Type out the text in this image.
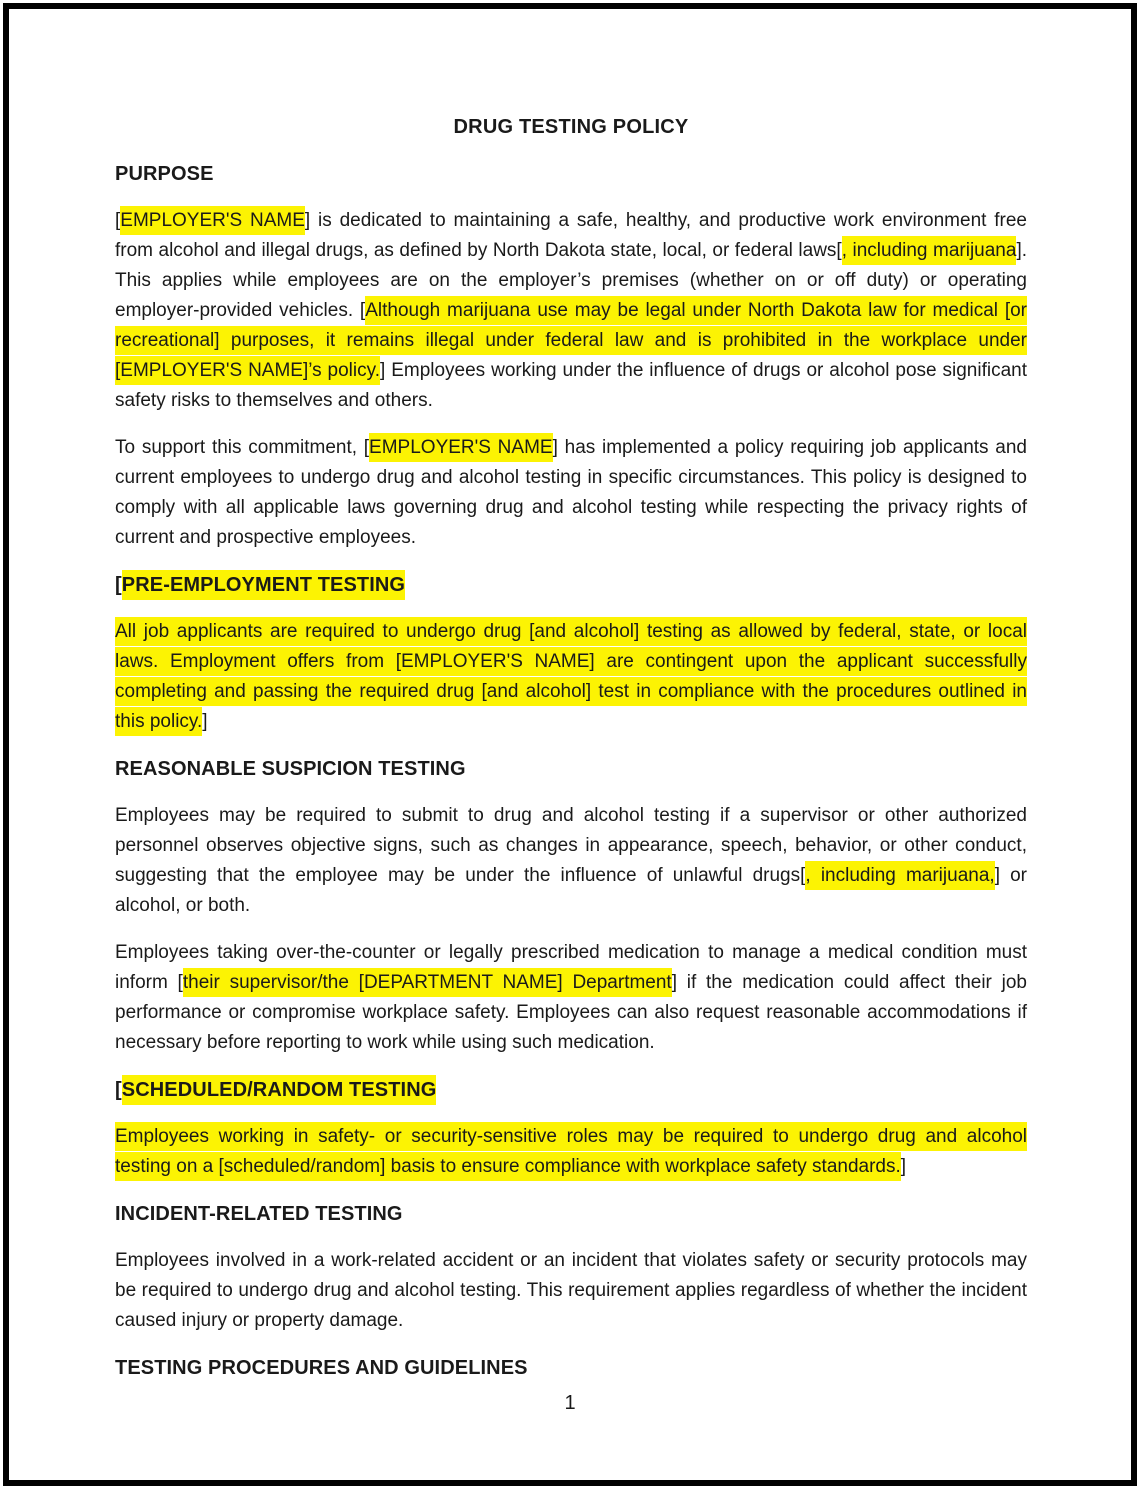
DRUG TESTING POLICY
PURPOSE

[EMPLOYER'S NAME] is dedicated to maintaining a safe, healthy, and productive work environment free from alcohol and illegal drugs, as defined by North Dakota state, local, or federal laws[, including marijuana]. This applies while employees are on the employer’s premises (whether on or off duty) or operating employer-provided vehicles. [Although marijuana use may be legal under North Dakota law for medical [or recreational] purposes, it remains illegal under federal law and is prohibited in the workplace under [EMPLOYER'S NAME]’s policy.] Employees working under the influence of drugs or alcohol pose significant safety risks to themselves and others.

To support this commitment, [EMPLOYER'S NAME] has implemented a policy requiring job applicants and current employees to undergo drug and alcohol testing in specific circumstances. This policy is designed to comply with all applicable laws governing drug and alcohol testing while respecting the privacy rights of current and prospective employees.

[PRE-EMPLOYMENT TESTING

All job applicants are required to undergo drug [and alcohol] testing as allowed by federal, state, or local laws. Employment offers from [EMPLOYER'S NAME] are contingent upon the applicant successfully completing and passing the required drug [and alcohol] test in compliance with the procedures outlined in this policy.]

REASONABLE SUSPICION TESTING

Employees may be required to submit to drug and alcohol testing if a supervisor or other authorized personnel observes objective signs, such as changes in appearance, speech, behavior, or other conduct, suggesting that the employee may be under the influence of unlawful drugs[, including marijuana,] or alcohol, or both.

Employees taking over-the-counter or legally prescribed medication to manage a medical condition must inform [their supervisor/the [DEPARTMENT NAME] Department] if the medication could affect their job performance or compromise workplace safety. Employees can also request reasonable accommodations if necessary before reporting to work while using such medication.

[SCHEDULED/RANDOM TESTING

Employees working in safety- or security-sensitive roles may be required to undergo drug and alcohol testing on a [scheduled/random] basis to ensure compliance with workplace safety standards.]

INCIDENT-RELATED TESTING

Employees involved in a work-related accident or an incident that violates safety or security protocols may be required to undergo drug and alcohol testing. This requirement applies regardless of whether the incident caused injury or property damage.

TESTING PROCEDURES AND GUIDELINES
1
